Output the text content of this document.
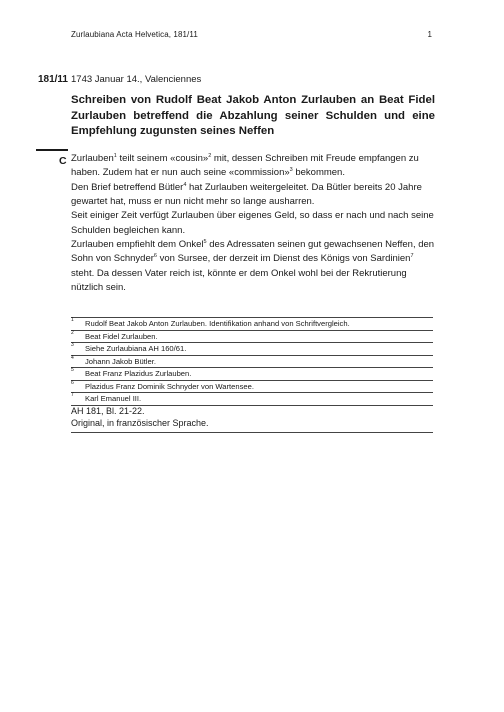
Zurlaubiana Acta Helvetica, 181/11	1
181/11 1743 Januar 14., Valenciennes
Schreiben von Rudolf Beat Jakob Anton Zurlauben an Beat Fidel Zurlauben betreffend die Abzahlung seiner Schulden und eine Empfehlung zugunsten seines Neffen
C Zurlauben$^1$ teilt seinem «cousin»$^2$ mit, dessen Schreiben mit Freude empfangen zu haben. Zudem hat er nun auch seine «commission»$^3$ bekommen.

Den Brief betreffend Bütler$^4$ hat Zurlauben weitergeleitet. Da Bütler bereits 20 Jahre gewartet hat, muss er nun nicht mehr so lange ausharren.

Seit einiger Zeit verfügt Zurlauben über eigenes Geld, so dass er nach und nach seine Schulden begleichen kann.

Zurlauben empfiehlt dem Onkel$^5$ des Adressaten seinen gut gewachsenen Neffen, den Sohn von Schnyder$^6$ von Sursee, der derzeit im Dienst des Königs von Sardinien$^7$ steht. Da dessen Vater reich ist, könnte er dem Onkel wohl bei der Rekrutierung nützlich sein.

1 Rudolf Beat Jakob Anton Zurlauben. Identifikation anhand von Schriftvergleich.
2 Beat Fidel Zurlauben.
3 Siehe Zurlaubiana AH 160/61.
4 Johann Jakob Bütler.
5 Beat Franz Plazidus Zurlauben.
6 Plazidus Franz Dominik Schnyder von Wartensee.
7 Karl Emanuel III.
AH 181, Bl. 21-22.
Original, in französischer Sprache.
